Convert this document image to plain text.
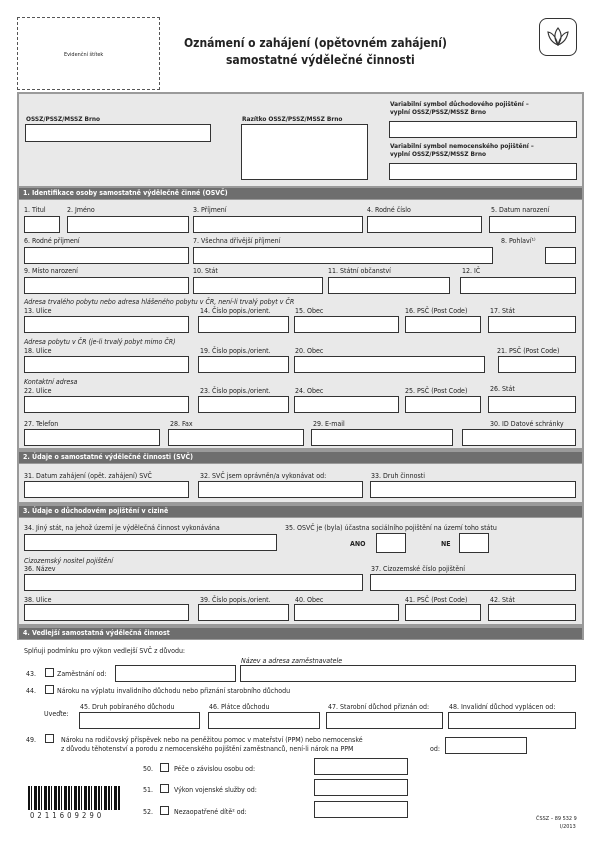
Evidenční štítek
Oznámení o zahájení (opětovném zahájení)
samostatné výdělečné činnosti
OSSZ/PSSZ/MSSZ Brno	Razítko OSSZ/PSSZ/MSSZ Brno
Variabilní symbol důchodového pojištění –
vyplní OSSZ/PSSZ/MSSZ Brno
Variabilní symbol nemocenského pojištění –
vyplní OSSZ/PSSZ/MSSZ Brno
1. Identifikace osoby samostatně výdělečně činné (OSVČ)
1. Titul	2. Jméno	3. Příjmení	4. Rodné číslo	5. Datum narození
6. Rodné příjmení	7. Všechna dřívější příjmení	8. Pohlaví¹⁾
9. Místo narození	10. Stát	11. Státní občanství	12. IČ
Adresa trvalého pobytu nebo adresa hlášeného pobytu v ČR, není-li trvalý pobyt v ČR
13. Ulice	14. Číslo popis./orient.	15. Obec	16. PSČ (Post Code)	17. Stát
Adresa pobytu v ČR (je-li trvalý pobyt mimo ČR)
18. Ulice	19. Číslo popis./orient.	20. Obec	21. PSČ (Post Code)
Kontaktní adresa
22. Ulice	23. Číslo popis./orient.	24. Obec	25. PSČ (Post Code)	26. Stát
27. Telefon	28. Fax	29. E-mail	30. ID Datové schránky
2. Údaje o samostatné výdělečné činnosti (SVČ)
31. Datum zahájení (opět. zahájení) SVČ	32. SVČ jsem oprávněn/a vykonávat od:	33. Druh činnosti
3. Údaje o důchodovém pojištění v cizině
34. Jiný stát, na jehož území je výdělečná činnost vykonávána	35. OSVČ je (byla) účastna sociálního pojištění na území toho státu
ANO	NE
Cizozemský nositel pojištění
36. Název	37. Cizozemské číslo pojištění
38. Ulice	39. Číslo popis./orient.	40. Obec	41. PSČ (Post Code)	42. Stát
4. Vedlejší samostatná výdělečná činnost
Splňuji podmínku pro výkon vedlejší SVČ z důvodu:
Název a adresa zaměstnavatele
43.	Zaměstnání od:
44.	Nároku na výplatu invalidního důchodu nebo přiznání starobního důchodu
Uveďte:
45. Druh pobíraného důchodu	46. Plátce důchodu	47. Starobní důchod přiznán od:	48. Invalidní důchod vyplácen od:
49.	Nároku na rodičovský příspěvek nebo na peněžitou pomoc v mateřství (PPM) nebo nemocenské
z důvodu těhotenství a porodu z nemocenského pojištění zaměstnanců, není-li nárok na PPM	od:
50.	Péče o závislou osobu od:
51.	Výkon vojenské služby od:
52.	Nezaopatřené dítě² od:
0 2 1 1 6 0 9 2 9 0	ČSSZ – 89 532 9
I/2013
